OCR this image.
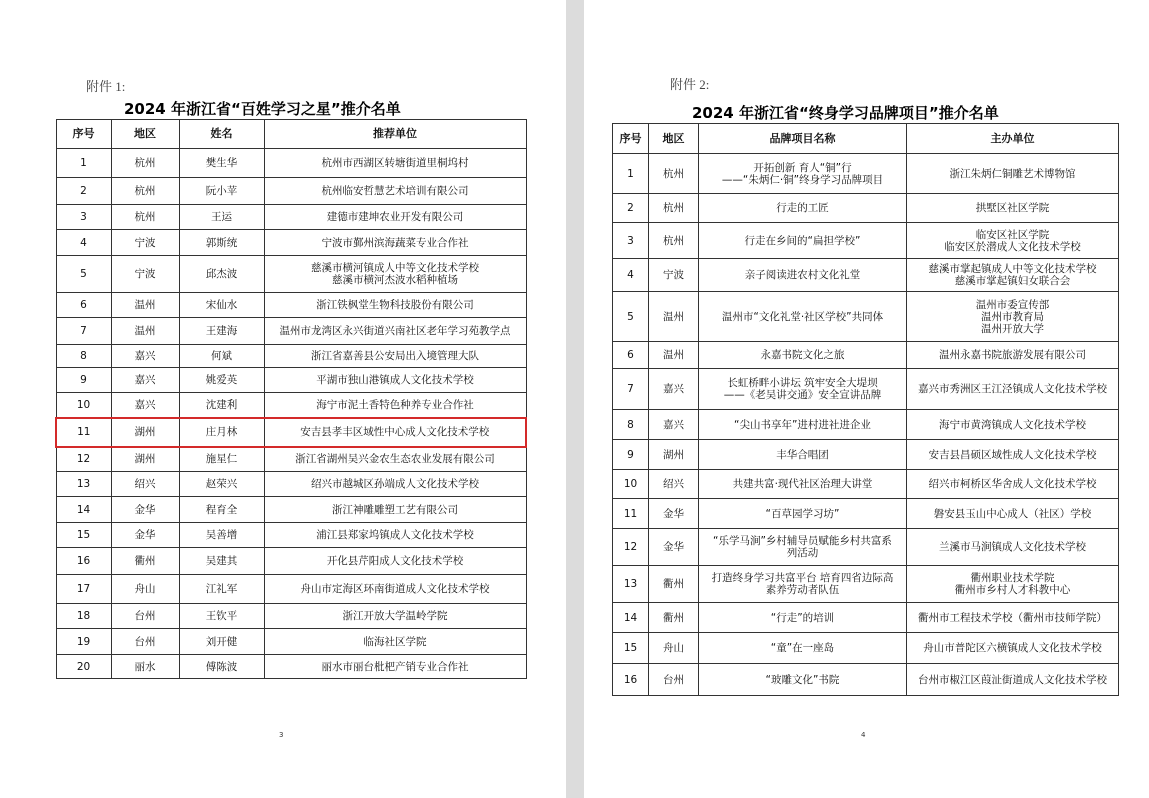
附件 1:
2024 年浙江省“百姓学习之星”推介名单
序号	地区	姓名	推荐单位

1	杭州	樊生华	杭州市西湖区转塘街道里桐坞村

2	杭州	阮小苹	杭州临安哲慧艺术培训有限公司

3	杭州	王运	建德市建坤农业开发有限公司

4	宁波	郭斯统	宁波市鄞州滨海蔬菜专业合作社

5	宁波	邱杰波	慈溪市横河镇成人中等文化技术学校
慈溪市横河杰波水稻种植场

6	温州	宋仙水	浙江铁枫堂生物科技股份有限公司

7	温州	王建海	温州市龙湾区永兴街道兴南社区老年学习苑教学点

8	嘉兴	何斌	浙江省嘉善县公安局出入境管理大队

9	嘉兴	姚爱英	平湖市独山港镇成人文化技术学校

10	嘉兴	沈建利	海宁市泥土香特色种养专业合作社

11	湖州	庄月林	安吉县孝丰区域性中心成人文化技术学校

12	湖州	施星仁	浙江省湖州吴兴金农生态农业发展有限公司

13	绍兴	赵荣兴	绍兴市越城区孙端成人文化技术学校

14	金华	程育全	浙江神雕雕塑工艺有限公司

15	金华	吴善增	浦江县郑家坞镇成人文化技术学校

16	衢州	吴建其	开化县芹阳成人文化技术学校

17	舟山	江礼军	舟山市定海区环南街道成人文化技术学校

18	台州	王钦平	浙江开放大学温岭学院

19	台州	刘开健	临海社区学院

20	丽水	傅陈波	丽水市丽台枇杷产销专业合作社
3
附件 2:
2024 年浙江省“终身学习品牌项目”推介名单
序号	地区	品牌项目名称	主办单位

1	杭州	开拓创新 育人“铜”行
——“朱炳仁·铜”终身学习品牌项目	浙江朱炳仁铜雕艺术博物馆

2	杭州	行走的工匠	拱墅区社区学院

3	杭州	行走在乡间的“扁担学校”	临安区社区学院
临安区於潜成人文化技术学校

4	宁波	亲子阅读进农村文化礼堂	慈溪市掌起镇成人中等文化技术学校
慈溪市掌起镇妇女联合会

5	温州	温州市“文化礼堂·社区学校”共同体	温州市委宣传部
温州市教育局
温州开放大学

6	温州	永嘉书院文化之旅	温州永嘉书院旅游发展有限公司

7	嘉兴	长虹桥畔小讲坛 筑牢安全大堤坝
——《老吴讲交通》安全宣讲品牌	嘉兴市秀洲区王江泾镇成人文化技术学校

8	嘉兴	“尖山书享年”进村进社进企业	海宁市黄湾镇成人文化技术学校

9	湖州	丰华合唱团	安吉县昌硕区域性成人文化技术学校

10	绍兴	共建共富·现代社区治理大讲堂	绍兴市柯桥区华舍成人文化技术学校

11	金华	“百草园学习坊”	磐安县玉山中心成人（社区）学校

12	金华	“乐学马涧”乡村辅导员赋能乡村共富系
列活动	兰溪市马涧镇成人文化技术学校

13	衢州	打造终身学习共富平台 培育四省边际高
素养劳动者队伍	衢州职业技术学院
衢州市乡村人才科教中心

14	衢州	“行走”的培训	衢州市工程技术学校（衢州市技师学院）

15	舟山	“童”在一座岛	舟山市普陀区六横镇成人文化技术学校

16	台州	“玻雕文化”书院	台州市椒江区葭沚街道成人文化技术学校
4
